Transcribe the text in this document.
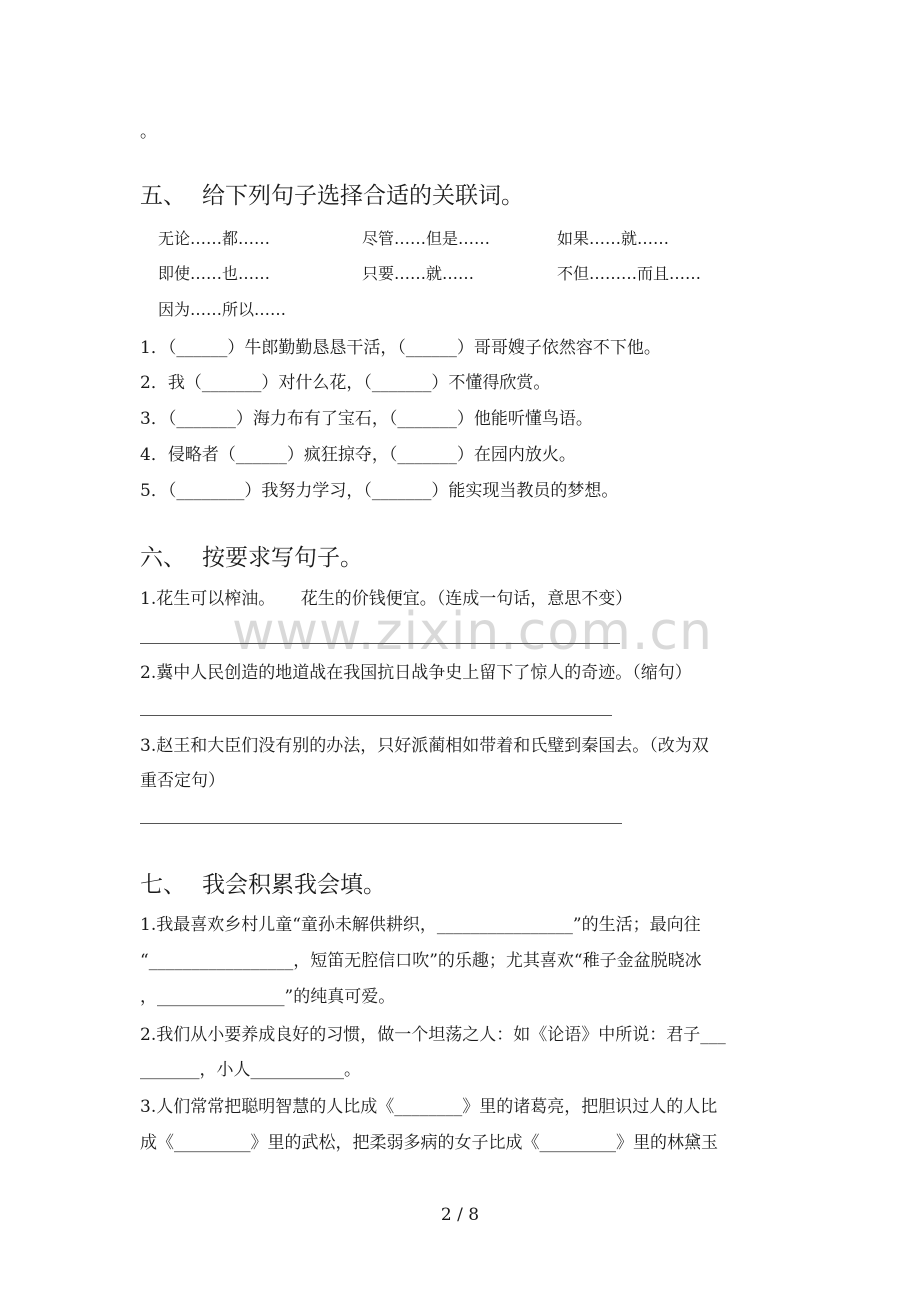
。
五、 给下列句子选择合适的关联词。
无论……都……	尽管……但是……	如果……就……
即使……也……	只要……就……	不但………而且……
因为……所以……
1．（______）牛郎勤勤恳恳干活，（______）哥哥嫂子依然容不下他。
2．我（_______）对什么花，（_______）不懂得欣赏。
3．（_______）海力布有了宝石，（_______）他能听懂鸟语。
4．侵略者（______）疯狂掠夺，（_______）在园内放火。
5．（________）我努力学习，（_______）能实现当教员的梦想。
六、 按要求写句子。
1.花生可以榨油。　　花生的价钱便宜。（连成一句话，意思不变）
www.zixin.com.cn
2.冀中人民创造的地道战在我国抗日战争史上留下了惊人的奇迹。（缩句）
3.赵王和大臣们没有别的办法，只好派蔺相如带着和氏璧到秦国去。（改为双
重否定句）
七、 我会积累我会填。
1.我最喜欢乡村儿童“童孙未解供耕织，________________”的生活；最向往
“_________________，短笛无腔信口吹”的乐趣；尤其喜欢“稚子金盆脱晓冰
，_______________”的纯真可爱。
2.我们从小要养成良好的习惯，做一个坦荡之人：如《论语》中所说：君子___
_______，小人___________。
3.人们常常把聪明智慧的人比成《________》里的诸葛亮，把胆识过人的人比
成《_________》里的武松，把柔弱多病的女子比成《_________》里的林黛玉
2 / 8
